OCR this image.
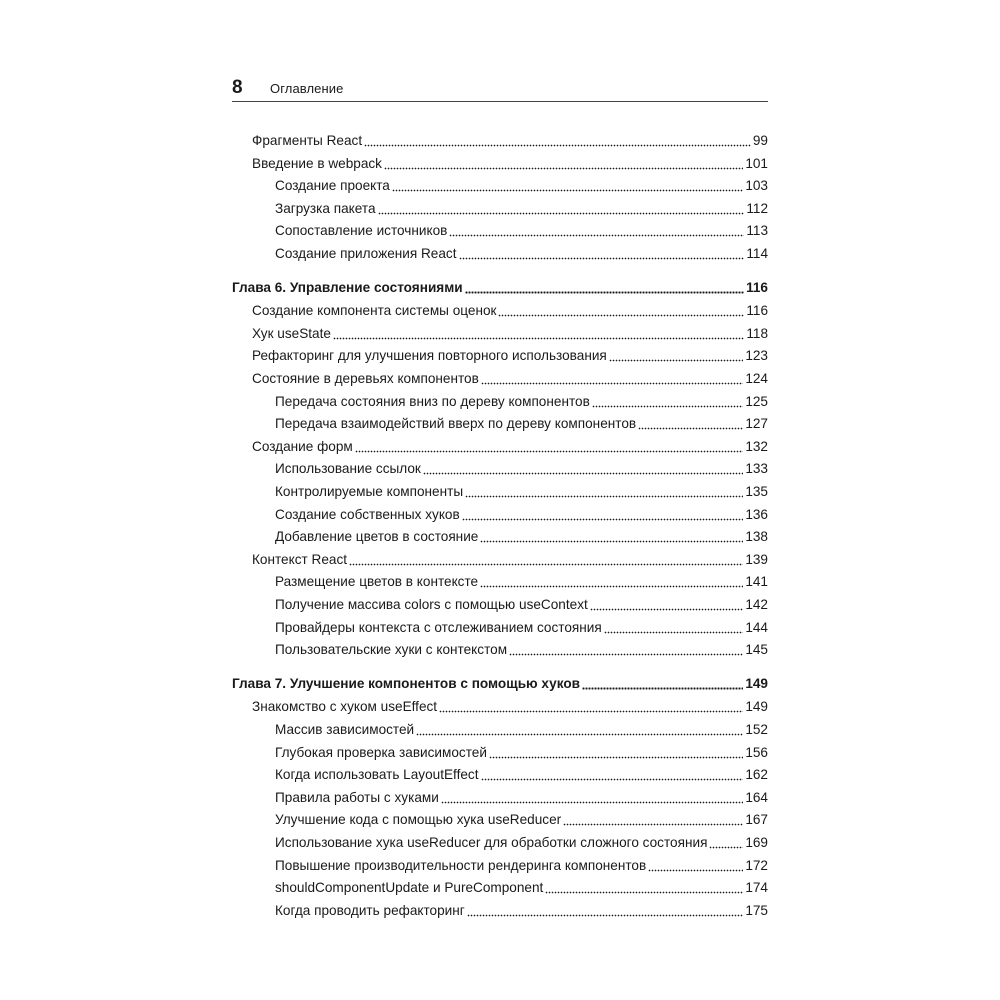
8 Оглавление
Фрагменты React	99
Введение в webpack	101
Создание проекта	103
Загрузка пакета	112
Сопоставление источников	113
Создание приложения React	114
Глава 6. Управление состояниями	116
Создание компонента системы оценок	116
Хук useState	118
Рефакторинг для улучшения повторного использования	123
Состояние в деревьях компонентов	124
Передача состояния вниз по дереву компонентов	125
Передача взаимодействий вверх по дереву компонентов	127
Создание форм	132
Использование ссылок	133
Контролируемые компоненты	135
Создание собственных хуков	136
Добавление цветов в состояние	138
Контекст React	139
Размещение цветов в контексте	141
Получение массива colors с помощью useContext	142
Провайдеры контекста с отслеживанием состояния	144
Пользовательские хуки с контекстом	145
Глава 7. Улучшение компонентов с помощью хуков	149
Знакомство с хуком useEffect	149
Массив зависимостей	152
Глубокая проверка зависимостей	156
Когда использовать LayoutEffect	162
Правила работы с хуками	164
Улучшение кода с помощью хука useReducer	167
Использование хука useReducer для обработки сложного состояния	169
Повышение производительности рендеринга компонентов	172
shouldComponentUpdate и PureComponent	174
Когда проводить рефакторинг	175
